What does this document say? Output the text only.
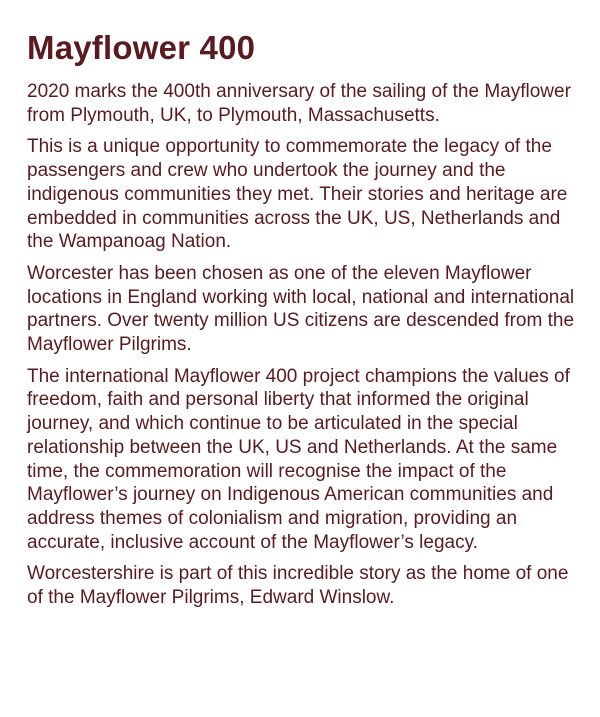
Mayflower 400

2020 marks the 400th anniversary of the sailing of the Mayflower from Plymouth, UK, to Plymouth, Massachusetts.

This is a unique opportunity to commemorate the legacy of the passengers and crew who undertook the journey and the indigenous communities they met. Their stories and heritage are embedded in communities across the UK, US, Netherlands and the Wampanoag Nation.

Worcester has been chosen as one of the eleven Mayflower locations in England working with local, national and international partners. Over twenty million US citizens are descended from the Mayflower Pilgrims.

The international Mayflower 400 project champions the values of freedom, faith and personal liberty that informed the original journey, and which continue to be articulated in the special relationship between the UK, US and Netherlands. At the same time, the commemoration will recognise the impact of the Mayflower’s journey on Indigenous American communities and address themes of colonialism and migration, providing an accurate, inclusive account of the Mayflower’s legacy.

Worcestershire is part of this incredible story as the home of one of the Mayflower Pilgrims, Edward Winslow.
